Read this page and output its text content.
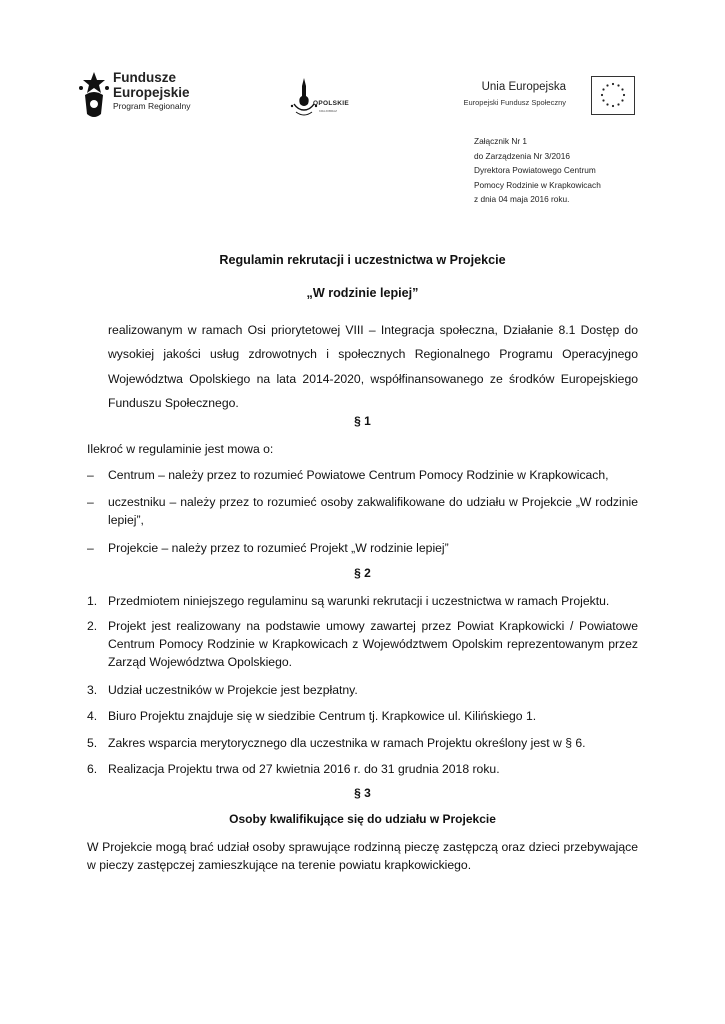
Fundusze
Europejskie
Program Regionalny	OPOLSKIE
KRAJOBRAZ
Unia Europejska
Europejski Fundusz Społeczny
Załącznik Nr 1
do Zarządzenia Nr 3/2016
Dyrektora Powiatowego Centrum
Pomocy Rodzinie w Krapkowicach
z dnia 04 maja 2016 roku.
Regulamin rekrutacji i uczestnictwa w Projekcie
„W rodzinie lepiej”
realizowanym w ramach Osi priorytetowej VIII – Integracja społeczna, Działanie 8.1 Dostęp do wysokiej jakości usług zdrowotnych i społecznych Regionalnego Programu Operacyjnego Województwa Opolskiego na lata 2014-2020, współfinansowanego ze środków Europejskiego Funduszu Społecznego.
§ 1
Ilekroć w regulaminie jest mowa o:
–	Centrum – należy przez to rozumieć Powiatowe Centrum Pomocy Rodzinie w Krapkowicach,
–	uczestniku – należy przez to rozumieć osoby zakwalifikowane do udziału w Projekcie „W rodzinie lepiej”,
–	Projekcie – należy przez to rozumieć Projekt „W rodzinie lepiej”
§ 2
1. Przedmiotem niniejszego regulaminu są warunki rekrutacji i uczestnictwa w ramach Projektu.
2. Projekt jest realizowany na podstawie umowy zawartej przez Powiat Krapkowicki / Powiatowe Centrum Pomocy Rodzinie w Krapkowicach z Województwem Opolskim reprezentowanym przez Zarząd Województwa Opolskiego.
3. Udział uczestników w Projekcie jest bezpłatny.
4. Biuro Projektu znajduje się w siedzibie Centrum tj. Krapkowice ul. Kilińskiego 1.
5. Zakres wsparcia merytorycznego dla uczestnika w ramach Projektu określony jest w § 6.
6. Realizacja Projektu trwa od 27 kwietnia 2016 r. do 31 grudnia 2018 roku.
§ 3
Osoby kwalifikujące się do udziału w Projekcie
W Projekcie mogą brać udział osoby sprawujące rodzinną pieczę zastępczą oraz dzieci przebywające w pieczy zastępczej zamieszkujące na terenie powiatu krapkowickiego.
